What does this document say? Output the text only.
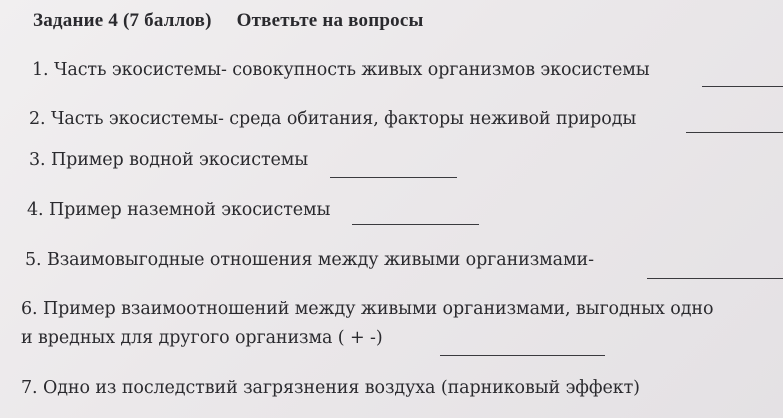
Задание 4 (7 баллов) Ответьте на вопросы
1. Часть экосистемы- совокупность живых организмов экосистемы
2. Часть экосистемы- среда обитания, факторы неживой природы
3. Пример водной экосистемы
4. Пример наземной экосистемы
5. Взаимовыгодные отношения между живыми организмами-
6. Пример взаимоотношений между живыми организмами, выгодных одно
и вредных для другого организма ( + -)
7. Одно из последствий загрязнения воздуха (парниковый эффект)
